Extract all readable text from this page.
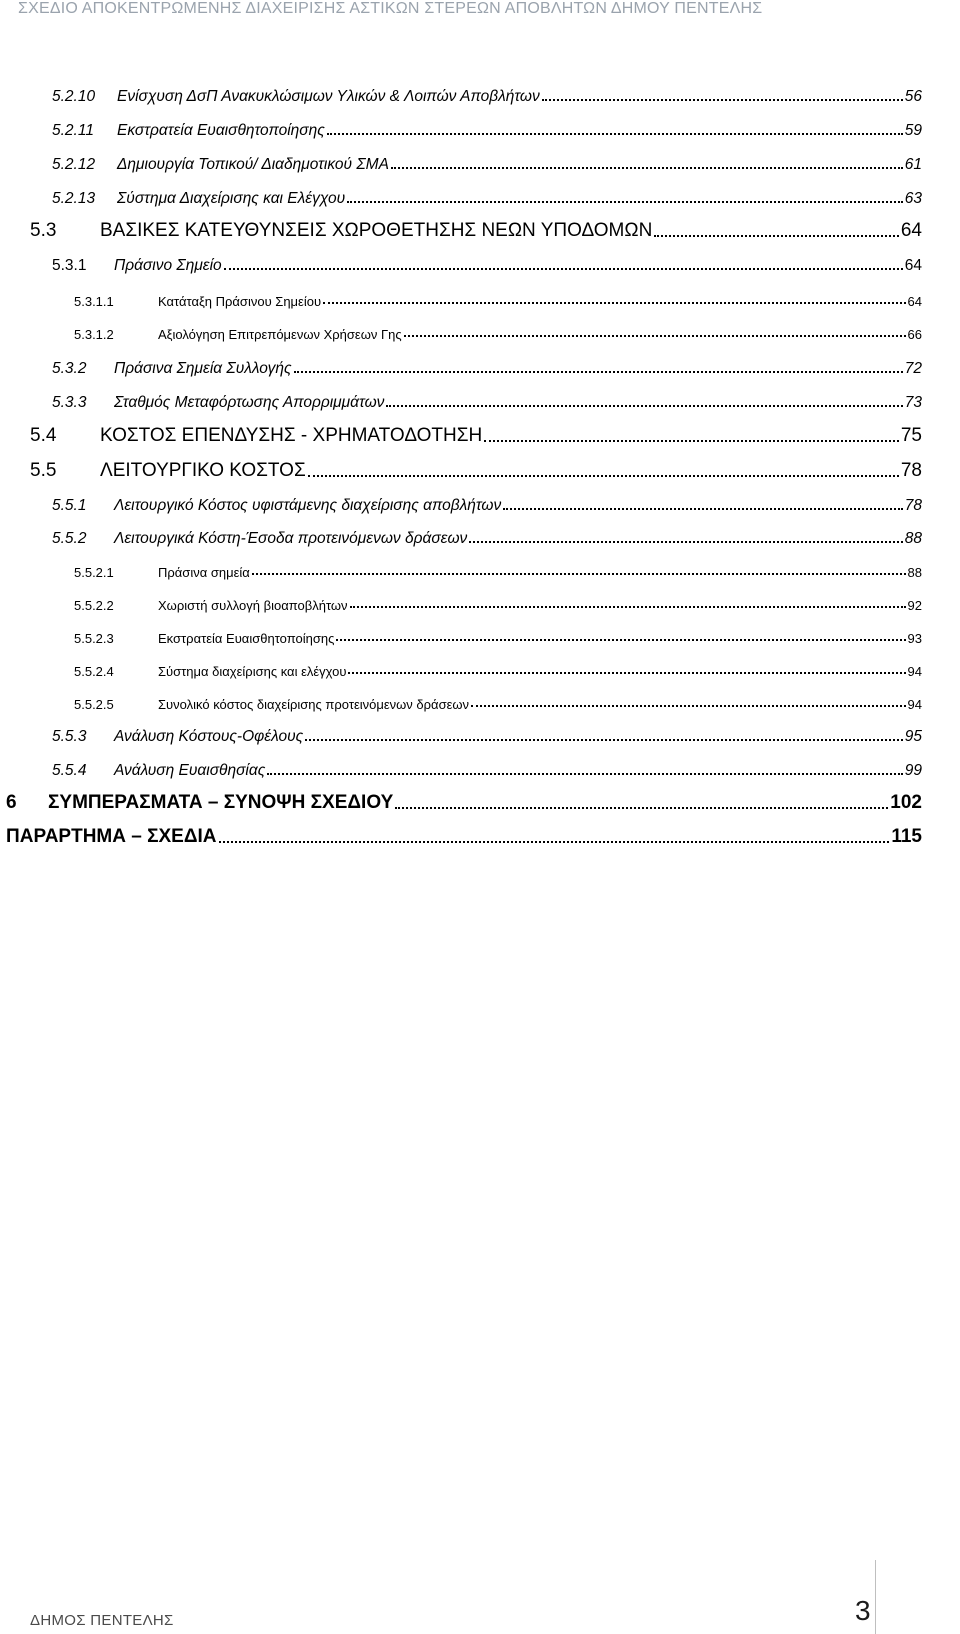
ΣΧΕΔΙΟ ΑΠΟΚΕΝΤΡΩΜΕΝΗΣ ΔΙΑΧΕΙΡΙΣΗΣ ΑΣΤΙΚΩΝ ΣΤΕΡΕΩΝ ΑΠΟΒΛΗΤΩΝ ΔΗΜΟΥ ΠΕΝΤΕΛΗΣ
5.2.10	Ενίσχυση ΔσΠ Ανακυκλώσιμων Υλικών & Λοιπών Αποβλήτων	56
5.2.11	Εκστρατεία Ευαισθητοποίησης	59
5.2.12	Δημιουργία Τοπικού/ Διαδημοτικού ΣΜΑ	61
5.2.13	Σύστημα Διαχείρισης και Ελέγχου	63
5.3	ΒΑΣΙΚΕΣ ΚΑΤΕΥΘΥΝΣΕΙΣ ΧΩΡΟΘΕΤΗΣΗΣ ΝΕΩΝ ΥΠΟΔΟΜΩΝ	64
5.3.1	Πράσινο Σημείο	64
5.3.1.1	Κατάταξη Πράσινου Σημείου	64
5.3.1.2	Αξιολόγηση Επιτρεπόμενων Χρήσεων Γης	66
5.3.2	Πράσινα Σημεία Συλλογής	72
5.3.3	Σταθμός Μεταφόρτωσης Απορριμμάτων	73
5.4	ΚΟΣΤΟΣ ΕΠΕΝΔΥΣΗΣ - ΧΡΗΜΑΤΟΔΟΤΗΣΗ	75
5.5	ΛΕΙΤΟΥΡΓΙΚΟ ΚΟΣΤΟΣ	78
5.5.1	Λειτουργικό Κόστος υφιστάμενης διαχείρισης αποβλήτων	78
5.5.2	Λειτουργικά Κόστη-Έσοδα προτεινόμενων δράσεων	88
5.5.2.1	Πράσινα σημεία	88
5.5.2.2	Χωριστή συλλογή βιοαποβλήτων	92
5.5.2.3	Εκστρατεία Ευαισθητοποίησης	93
5.5.2.4	Σύστημα διαχείρισης και ελέγχου	94
5.5.2.5	Συνολικό κόστος διαχείρισης προτεινόμενων δράσεων	94
5.5.3	Ανάλυση Κόστους-Οφέλους	95
5.5.4	Ανάλυση Ευαισθησίας	99
6	ΣΥΜΠΕΡΑΣΜΑΤΑ – ΣΥΝΟΨΗ ΣΧΕΔΙΟΥ	102
ΠΑΡΑΡΤΗΜΑ – ΣΧΕΔΙΑ	115
ΔΗΜΟΣ ΠΕΝΤΕΛΗΣ	3
